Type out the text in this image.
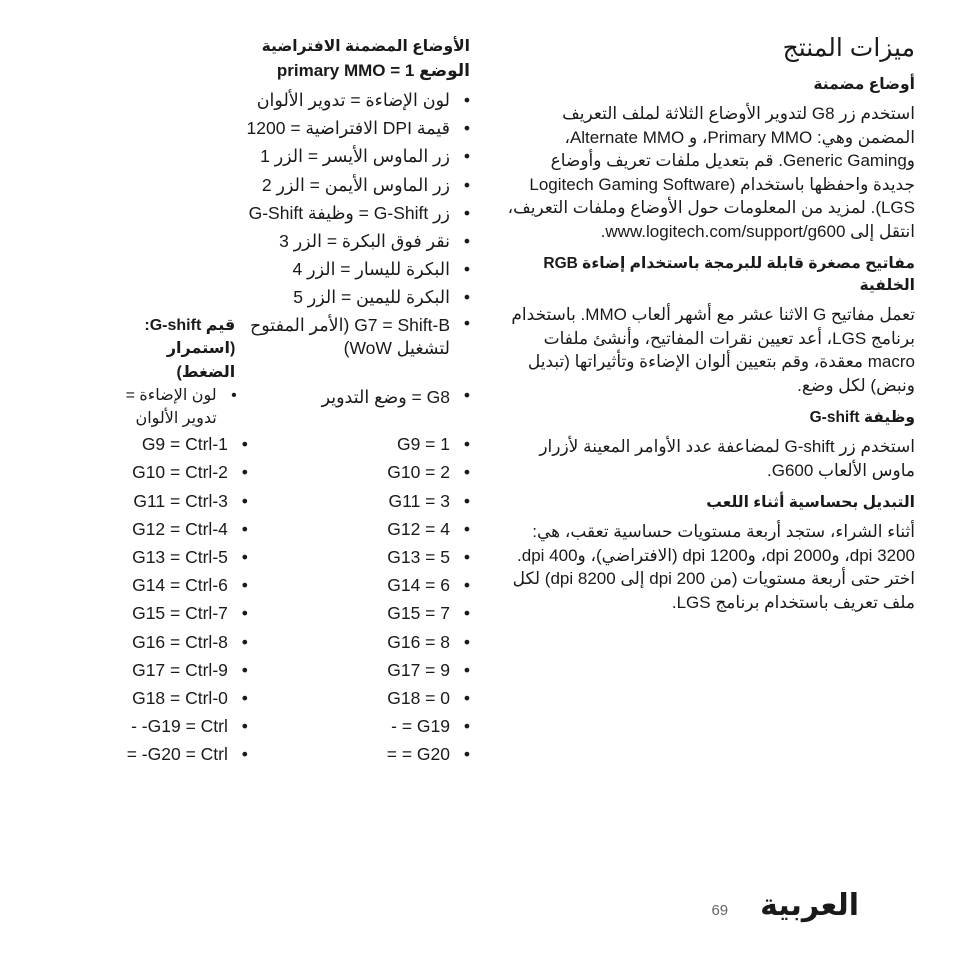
ميزات المنتج
أوضاع مضمنة

استخدم زر G8 لتدوير الأوضاع الثلاثة لملف التعريف المضمن وهي: Primary MMO، و Alternate MMO، وGeneric Gaming. قم بتعديل ملفات تعريف وأوضاع جديدة واحفظها باستخدام (Logitech Gaming Software (LGS. لمزيد من المعلومات حول الأوضاع وملفات التعريف، انتقل إلى www.logitech.com/support/g600.

مفاتيح مصغرة قابلة للبرمجة باستخدام إضاءة RGB الخلفية

تعمل مفاتيح G الاثنا عشر مع أشهر ألعاب MMO. باستخدام برنامج LGS، أعد تعيين نقرات المفاتيح، وأنشئ ملفات macro معقدة، وقم بتعيين ألوان الإضاءة وتأثيراتها (تبديل ونبض) لكل وضع.

وظيفة G-shift

استخدم زر G-shift لمضاعفة عدد الأوامر المعينة لأزرار ماوس الألعاب G600.

التبديل بحساسية أثناء اللعب

أثناء الشراء، ستجد أربعة مستويات حساسية تعقب، هي: 3200 dpi، و2000 dpi، و1200 dpi (الافتراضي)، و400 dpi. اختر حتى أربعة مستويات (من 200 dpi إلى 8200 dpi) لكل ملف تعريف باستخدام برنامج LGS.

الأوضاع المضمنة الافتراضية
الوضع 1 = primary MMO
• لون الإضاءة = تدوير الألوان
• قيمة DPI الافتراضية = 1200
• زر الماوس الأيسر = الزر 1
• زر الماوس الأيمن = الزر 2
• زر G-Shift = وظيفة G-Shift
• نقر فوق البكرة = الزر 3
• البكرة لليسار = الزر 4
• البكرة لليمين = الزر 5
• G7 = Shift-B (الأمر المفتوح لتشغيل WoW)
قيم G-shift: (استمرار الضغط)
• G8 = وضع التدوير
• لون الإضاءة = تدوير الألوان
• G9 = 1
• G9 = Ctrl-1
• G10 = 2
• G10 = Ctrl-2
• G11 = 3
• G11 = Ctrl-3
• G12 = 4
• G12 = Ctrl-4
• G13 = 5
• G13 = Ctrl-5
• G14 = 6
• G14 = Ctrl-6
• G15 = 7
• G15 = Ctrl-7
• G16 = 8
• G16 = Ctrl-8
• G17 = 9
• G17 = Ctrl-9
• G18 = 0
• G18 = Ctrl-0
• G19 = -
• G19 = Ctrl- -
• G20 = =
• G20 = Ctrl- =
العربية
69
